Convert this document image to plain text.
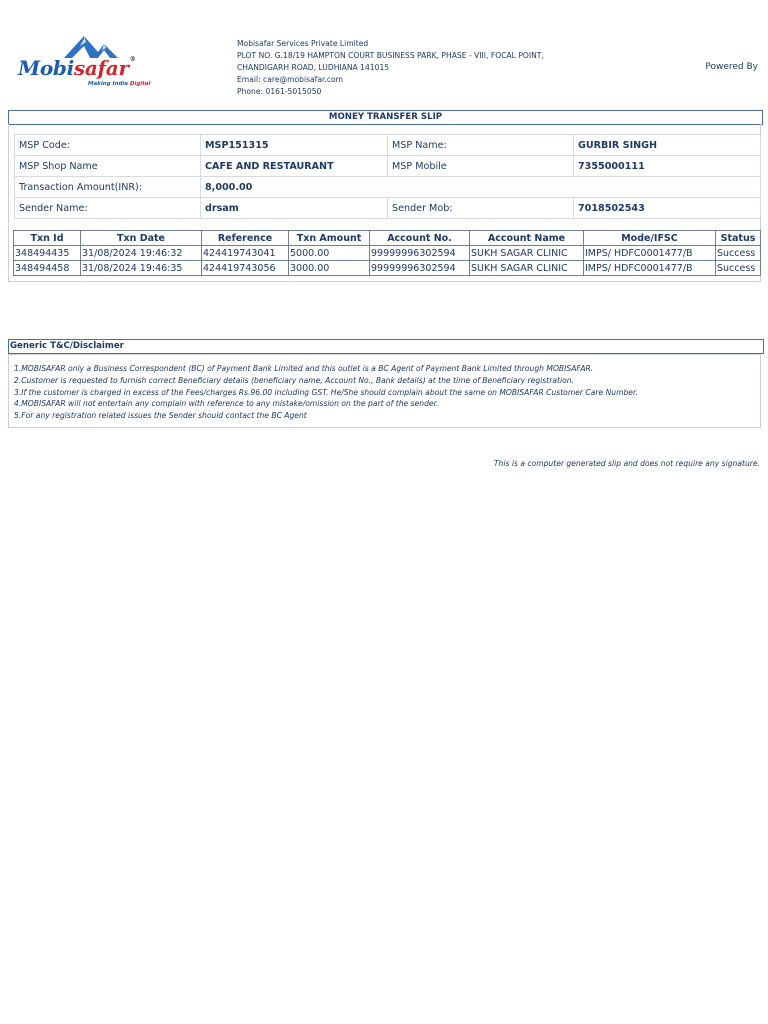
Mobisafar®
Making India Digital
Mobisafar Services Private Limited
PLOT NO. G.18/19 HAMPTON COURT BUSINESS PARK, PHASE - VIII, FOCAL POINT,
CHANDIGARH ROAD, LUDHIANA 141015
Email: care@mobisafar.com
Phone: 0161-5015050
Powered By
MONEY TRANSFER SLIP
MSP Code:	MSP151315	MSP Name:	GURBIR SINGH
MSP Shop Name	CAFE AND RESTAURANT	MSP Mobile	7355000111
Transaction Amount(INR):	8,000.00		
Sender Name:	drsam	Sender Mob:	7018502543
Txn Id	Txn Date	Reference	Txn Amount	Account No.	Account Name	Mode/IFSC	Status
348494435	31/08/2024 19:46:32	424419743041	5000.00	99999996302594	SUKH SAGAR CLINIC	IMPS/ HDFC0001477/B	Success
348494458	31/08/2024 19:46:35	424419743056	3000.00	99999996302594	SUKH SAGAR CLINIC	IMPS/ HDFC0001477/B	Success
Generic T&C/Disclaimer
1.MOBISAFAR only a Business Correspondent (BC) of Payment Bank Limited and this outlet is a BC Agent of Payment Bank Limited through MOBISAFAR.
2.Customer is requested to furnish correct Beneficiary details (beneficiary name, Account No., Bank details) at the time of Beneficiary registration.
3.If the customer is charged in excess of the Fees/charges Rs.96.00 including GST. He/She should complain about the same on MOBISAFAR Customer Care Number.
4.MOBISAFAR will not entertain any complain with reference to any mistake/omission on the part of the sender.
5.For any registration related issues the Sender should contact the BC Agent
This is a computer generated slip and does not require any signature.
